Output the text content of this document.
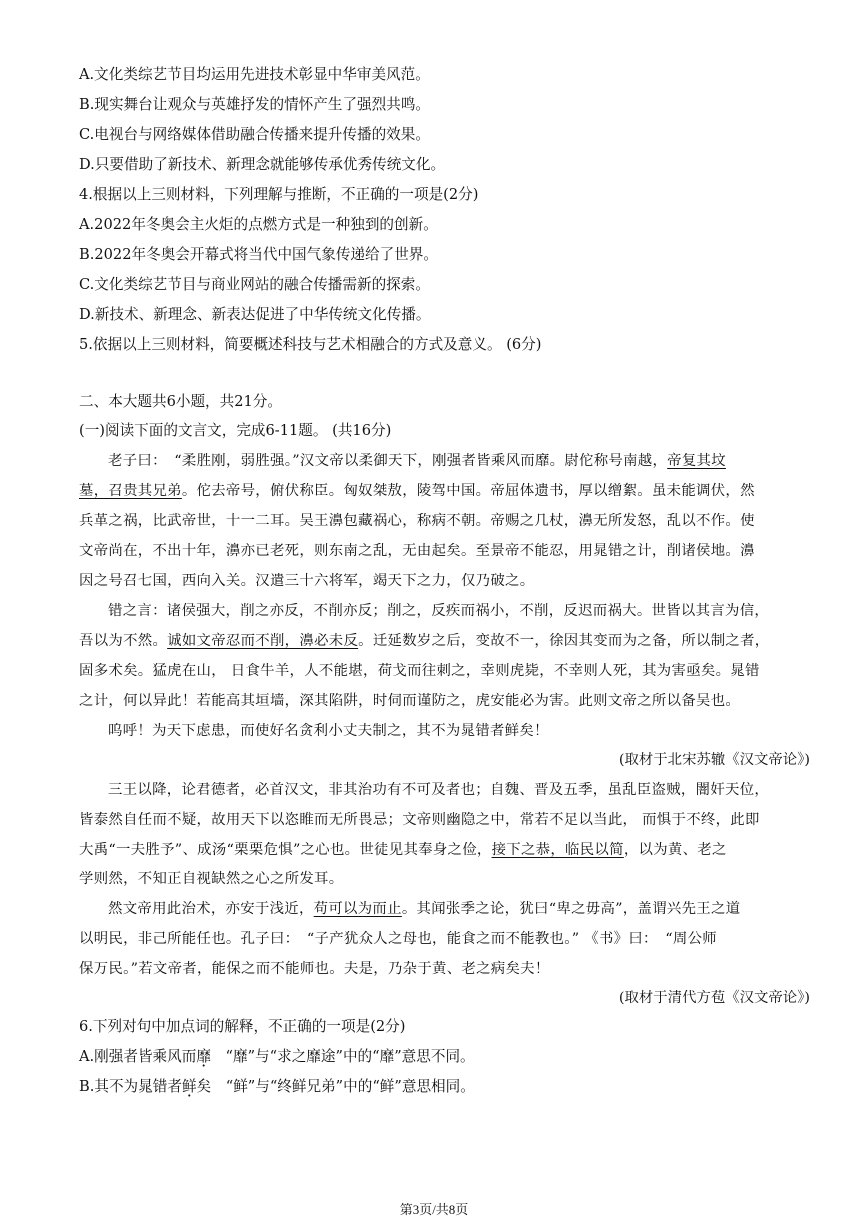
A.文化类综艺节目均运用先进技术彰显中华审美风范。
B.现实舞台让观众与英雄抒发的情怀产生了强烈共鸣。
C.电视台与网络媒体借助融合传播来提升传播的效果。
D.只要借助了新技术、新理念就能够传承优秀传统文化。
4.根据以上三则材料，下列理解与推断，不正确的一项是(2分)
A.2022年冬奥会主火炬的点燃方式是一种独到的创新。
B.2022年冬奥会开幕式将当代中国气象传递给了世界。
C.文化类综艺节目与商业网站的融合传播需新的探索。
D.新技术、新理念、新表达促进了中华传统文化传播。
5.依据以上三则材料，简要概述科技与艺术相融合的方式及意义。 (6分)
二、本大题共6小题，共21分。
(一)阅读下面的文言文，完成6-11题。 (共16分)
老子曰：　“柔胜刚，弱胜强。”汉文帝以柔御天下，刚强者皆乘风而靡。尉佗称号南越，帝复其坟
墓，召贵其兄弟。佗去帝号，俯伏称臣。匈奴桀敖，陵驾中国。帝屈体遗书，厚以缯絮。虽未能调伏，然
兵革之祸，比武帝世，十一二耳。吴王濞包藏祸心，称病不朝。帝赐之几杖，濞无所发怒，乱以不作。使
文帝尚在，不出十年，濞亦已老死，则东南之乱，无由起矣。至景帝不能忍，用晁错之计，削诸侯地。濞
因之号召七国，西向入关。汉遣三十六将军，竭天下之力，仅乃破之。
错之言：诸侯强大，削之亦反，不削亦反；削之，反疾而祸小，不削，反迟而祸大。世皆以其言为信，
吾以为不然。诚如文帝忍而不削，濞必未反。迁延数岁之后，变故不一，徐因其变而为之备，所以制之者，
固多术矣。猛虎在山， 日食牛羊，人不能堪，荷戈而往刺之，幸则虎毙，不幸则人死，其为害亟矣。晁错
之计，何以异此！若能高其垣墙，深其陷阱，时伺而谨防之，虎安能必为害。此则文帝之所以备吴也。
呜呼！为天下虑患，而使好名贪利小丈夫制之，其不为晁错者鲜矣！
(取材于北宋苏辙《汉文帝论》)
三王以降，论君德者，必首汉文，非其治功有不可及者也；自魏、晋及五季，虽乱臣盗贼，闇奸天位，
皆泰然自任而不疑，故用天下以恣睢而无所畏忌；文帝则幽隐之中，常若不足以当此， 而惧于不终，此即
大禹“一夫胜予”、成汤“栗栗危惧”之心也。世徒见其奉身之俭，接下之恭，临民以简，以为黄、老之
学则然，不知正自视缺然之心之所发耳。
然文帝用此治术，亦安于浅近，苟可以为而止。其闻张季之论，犹曰“卑之毋高”，盖谓兴先王之道
以明民，非己所能任也。孔子曰：　“子产犹众人之母也，能食之而不能教也。” 《书》曰：　“周公师
保万民。”若文帝者，能保之而不能师也。夫是，乃杂于黄、老之病矣夫！
(取材于清代方苞《汉文帝论》)
6.下列对句中加点词的解释，不正确的一项是(2分)
A.刚强者皆乘风而靡　“靡”与“求之靡途”中的“靡”意思不同。
B.其不为晁错者鲜矣　“鲜”与“终鲜兄弟”中的“鲜”意思相同。
第3页/共8页
